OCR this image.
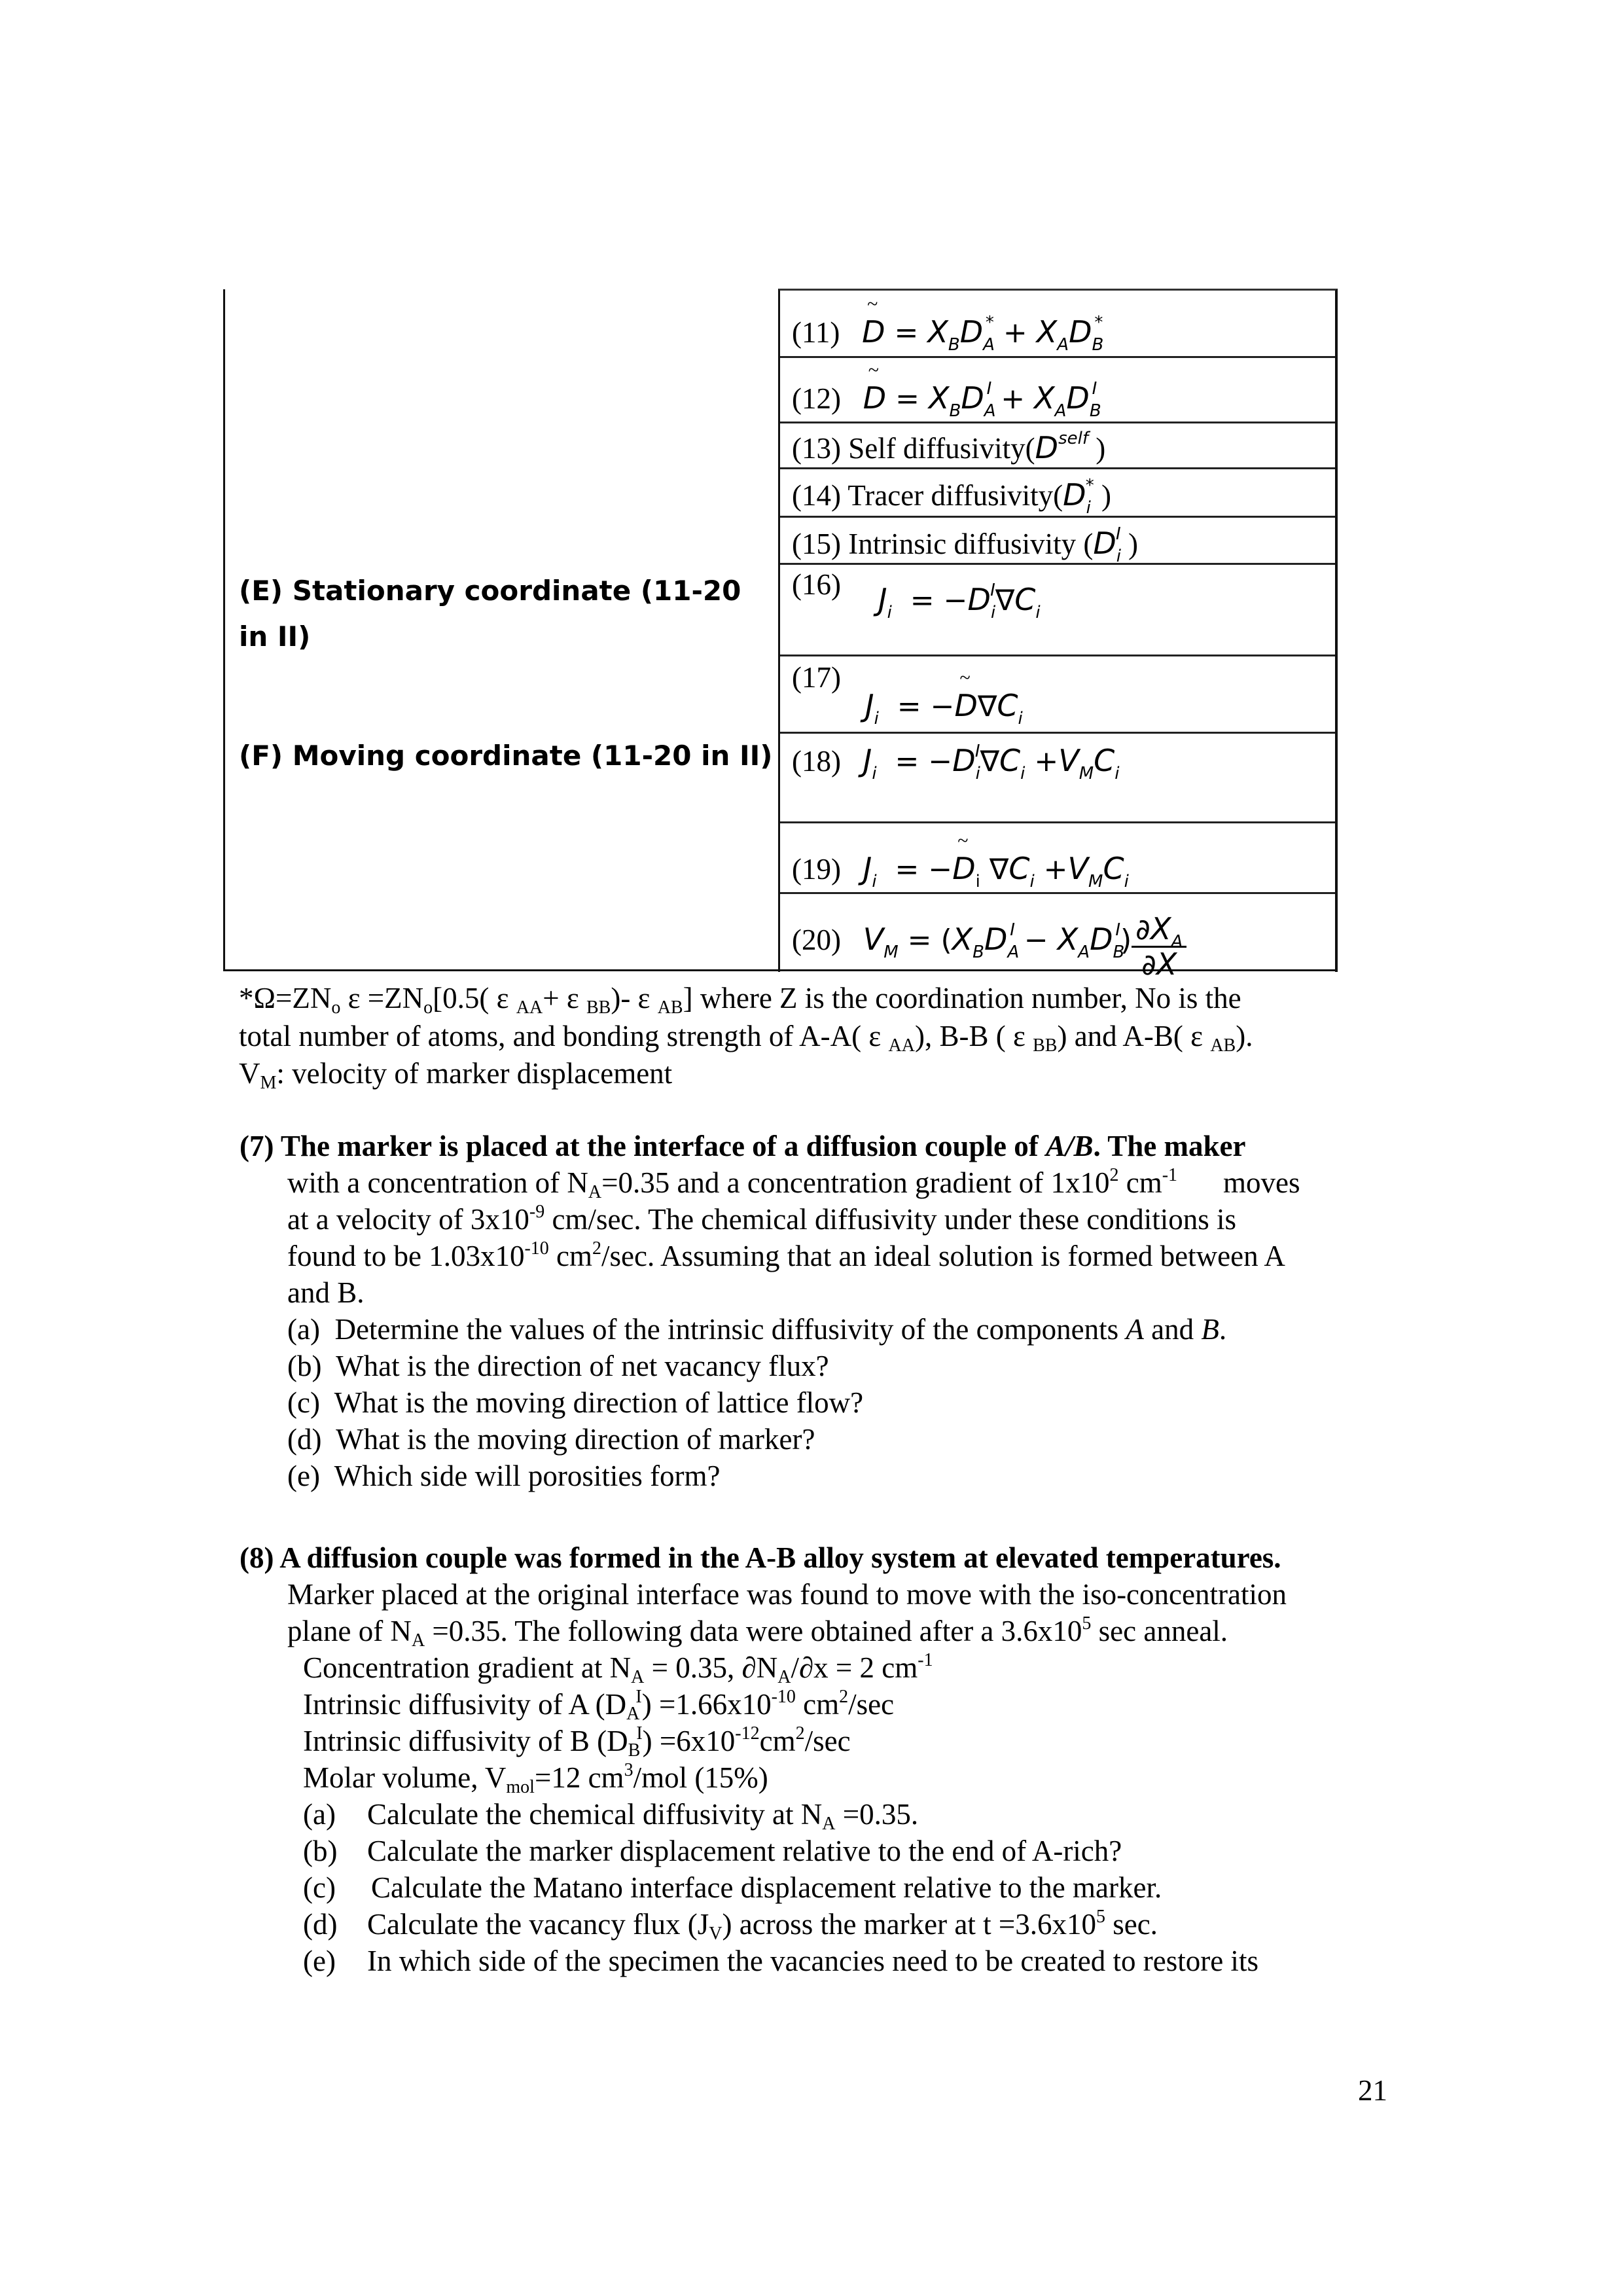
(E) Stationary coordinate (11-20 in II)
(F) Moving coordinate (11-20 in II)
(11) ~ $D = X_BD_A^* + X_AD_B^*$
(12) ~ $D = X_BD_A^I + X_AD_B^I$
(13) Self $diffusivity(D^{self}$ )
(14) Tracer $diffusivity(D_i^*$ )
(15) Intrinsic diffusivity ($D_i^I$ )
(16) $J_i = -D_i^I\nabla C_i$
(17)
$J_i$  = −~ $D\nabla C_i$
(18) $J_i = -D_i^I\nabla C_i +V_MC_i$
(19) $J_i$  = −~ $D_i$ $\nabla C_i +V_MC_i$
(20) $V_M = (X_BD_A^I - X_AD_B^I) \frac{\partial X_A}{\partial X}$
$*\Omega=ZN_o$ $\varepsilon =ZN_o[0.5$( ε $_{AA}$+ ε $_{BB}$)- ε $_{AB}$] where Z is the coordination number, No is the
total number of atoms, and bonding strength of A-A( ε $_{AA}$), B-B ( ε $_{BB}$) and A-B( ε $_{AB}$).
$V_M$: velocity of marker displacement
(7) The marker is placed at the interface of a diffusion couple of A/B. The maker
with a concentration of $N_A=0.35$ and a concentration gradient of $1x10^2$ $cm^{-1}$ moves
at a velocity of $3x10^{-9}$ cm/sec. The chemical diffusivity under these conditions is
found to be $1.03x10^{-10}$ $cm^2/\sec$. Assuming that an ideal solution is formed between A
and B.
(a) Determine the values of the intrinsic diffusivity of the components A and B.
(b) What is the direction of net vacancy flux?
(c) What is the moving direction of lattice flow?
(d) What is the moving direction of marker?
(e) Which side will porosities form?
(8) A diffusion couple was formed in the A-B alloy system at elevated temperatures.
Marker placed at the original interface was found to move with the iso-concentration
plane of $N_A =0.35$. The following data were obtained after a $3.6x10^5$ sec anneal.
Concentration gradient at $N_A = 0.35$, $\partial N_A/\partial x = 2$ $cm^{-1}$
Intrinsic diffusivity of A $(D_A^I) =1.66x10^{-10}$ $cm^2/\sec$
Intrinsic diffusivity of B $(D_B^I) =6x10^{-12}cm^2/\sec$
Molar volume, $V_{mol}=12$ $cm^3$/mol (15%)
(a) Calculate the chemical diffusivity at $N_A =0.35$.
(b) Calculate the marker displacement relative to the end of A-rich?
(c) Calculate the Matano interface displacement relative to the marker.
(d) Calculate the vacancy flux $(J_V)$ across the marker at $t =3.6x10^5$ sec.
(e) In which side of the specimen the vacancies need to be created to restore its
21
